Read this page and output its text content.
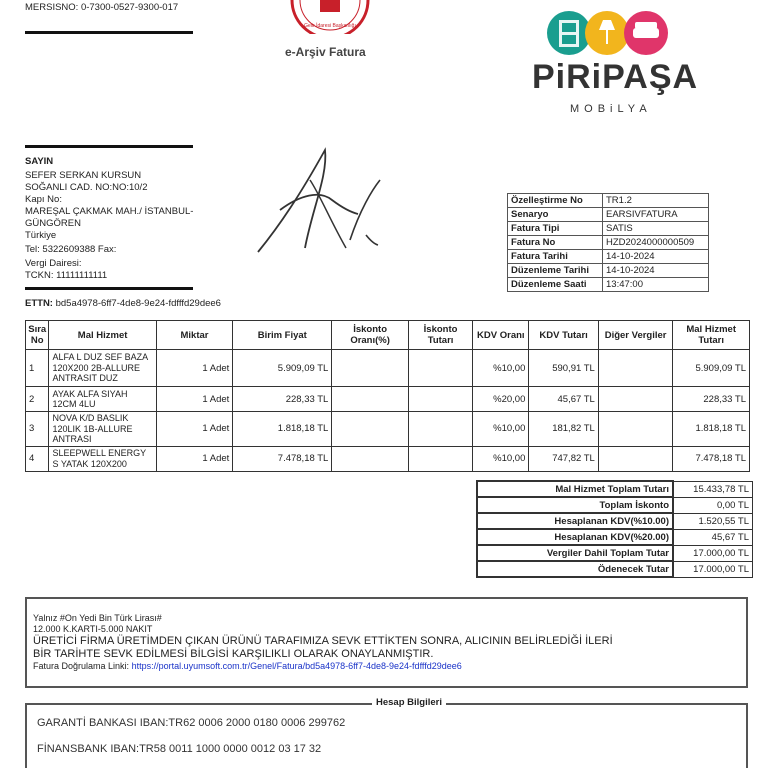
MERSISNO: 0-7300-0527-9300-017
Gelir İdaresi Başkanlığı
e-Arşiv Fatura
PiRiPAŞA
MOBiLYA
SAYIN
SEFER SERKAN KURSUN
SOĞANLI CAD. NO:NO:10/2
Kapı No:
MAREŞAL ÇAKMAK MAH./ İSTANBUL-
GÜNGÖREN
Türkiye
Tel: 5322609388 Fax:
Vergi Dairesi:
TCKN: 11111111111
ETTN: bd5a4978-6ff7-4de8-9e24-fdfffd29dee6
Özelleştirme No	TR1.2
Senaryo	EARSIVFATURA
Fatura Tipi	SATIS
Fatura No	HZD2024000000509
Fatura Tarihi	14-10-2024
Düzenleme Tarihi	14-10-2024
Düzenleme Saati	13:47:00
Sıra No	Mal Hizmet	Miktar	Birim Fiyat	İskonto Oranı(%)	İskonto Tutarı	KDV Oranı	KDV Tutarı	Diğer Vergiler	Mal Hizmet Tutarı
1	ALFA L DUZ SEF BAZA 120X200 2B-ALLURE ANTRASIT DUZ	1 Adet	5.909,09 TL			%10,00	590,91 TL		5.909,09 TL
2	AYAK ALFA SIYAH 12CM 4LU	1 Adet	228,33 TL			%20,00	45,67 TL		228,33 TL
3	NOVA K/D BASLIK 120LIK 1B-ALLURE ANTRASI	1 Adet	1.818,18 TL			%10,00	181,82 TL		1.818,18 TL
4	SLEEPWELL ENERGY S YATAK 120X200	1 Adet	7.478,18 TL			%10,00	747,82 TL		7.478,18 TL
Mal Hizmet Toplam Tutarı	15.433,78 TL
Toplam İskonto	0,00 TL
Hesaplanan KDV(%10.00)	1.520,55 TL
Hesaplanan KDV(%20.00)	45,67 TL
Vergiler Dahil Toplam Tutar	17.000,00 TL
Ödenecek Tutar	17.000,00 TL
Yalnız #On Yedi Bin Türk Lirası#
12.000 K.KARTI-5.000 NAKIT
ÜRETİCİ FİRMA ÜRETİMDEN ÇIKAN ÜRÜNÜ TARAFIMIZA SEVK ETTİKTEN SONRA, ALICININ BELİRLEDİĞİ İLERİ
BİR TARİHTE SEVK EDİLMESİ BİLGİSİ KARŞILIKLI OLARAK ONAYLANMIŞTIR.
Fatura Doğrulama Linki: https://portal.uyumsoft.com.tr/Genel/Fatura/bd5a4978-6ff7-4de8-9e24-fdfffd29dee6
Hesap Bilgileri
GARANTİ BANKASI IBAN:TR62 0006 2000 0180 0006 299762
FİNANSBANK IBAN:TR58 0011 1000 0000 0012 03 17 32
